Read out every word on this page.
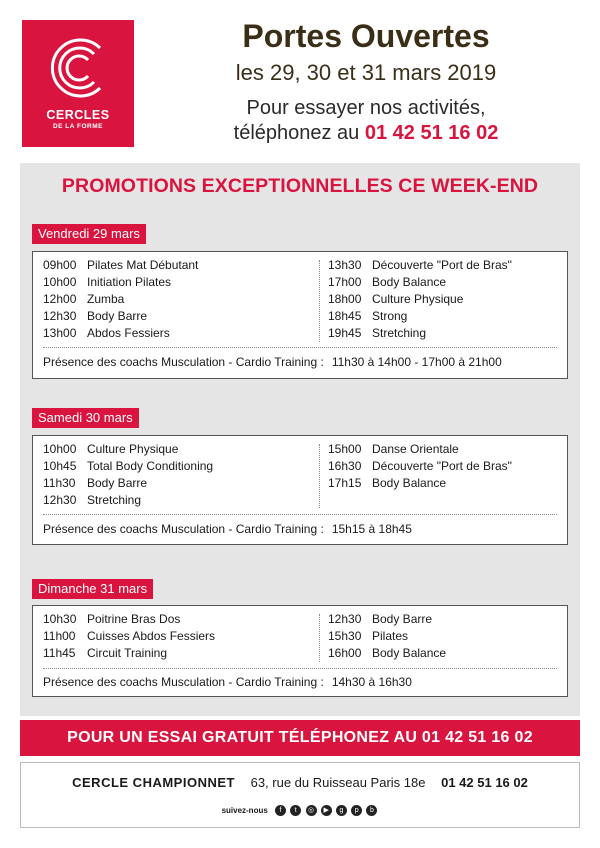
CERCLES
DE LA FORME
Portes Ouvertes
les 29, 30 et 31 mars 2019
Pour essayer nos activités,
téléphonez au 01 42 51 16 02
PROMOTIONS EXCEPTIONNELLES CE WEEK-END
Vendredi 29 mars
09h00 Pilates Mat Débutant
10h00 Initiation Pilates
12h00 Zumba
12h30 Body Barre
13h00 Abdos Fessiers
13h30 Découverte "Port de Bras"
17h00 Body Balance
18h00 Culture Physique
18h45 Strong
19h45 Stretching
Présence des coachs Musculation - Cardio Training : 11h30 à 14h00 - 17h00 à 21h00
Samedi 30 mars
10h00 Culture Physique
10h45 Total Body Conditioning
11h30 Body Barre
12h30 Stretching
15h00 Danse Orientale
16h30 Découverte "Port de Bras"
17h15 Body Balance
Présence des coachs Musculation - Cardio Training : 15h15 à 18h45
Dimanche 31 mars
10h30 Poitrine Bras Dos
11h00 Cuisses Abdos Fessiers
11h45 Circuit Training
12h30 Body Barre
15h30 Pilates
16h00 Body Balance
Présence des coachs Musculation - Cardio Training : 14h30 à 16h30
POUR UN ESSAI GRATUIT TÉLÉPHONEZ AU 01 42 51 16 02
CERCLE CHAMPIONNET 63, rue du Ruisseau Paris 18e 01 42 51 16 02
suivez-nous f t ◎ ▶ g p b
